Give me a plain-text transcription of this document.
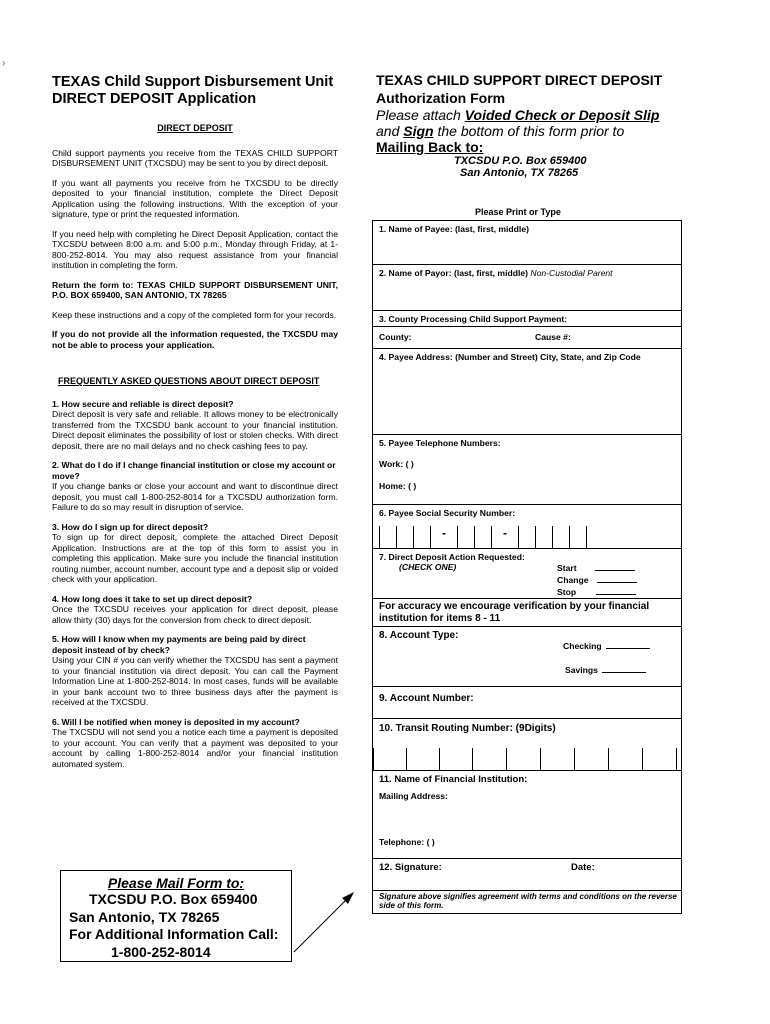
›
TEXAS Child Support Disbursement Unit
DIRECT DEPOSIT Application
DIRECT DEPOSIT

Child support payments you receive from the TEXAS CHILD SUPPORT DISBURSEMENT UNIT (TXCSDU) may be sent to you by direct deposit.

If you want all payments you receive from he TXCSDU to be directly deposited to your financial institution, complete the Direct Deposit Application using the following instructions. With the exception of your signature, type or print the requested information.

If you need help with completing he Direct Deposit Application, contact the TXCSDU between 8:00 a.m. and 5:00 p.m., Monday through Friday, at 1-800-252-8014. You may also request assistance from your financial institution in completing the form.

Return the form to: TEXAS CHILD SUPPORT DISBURSEMENT UNIT, P.O. BOX 659400, SAN ANTONIO, TX 78265

Keep these instructions and a copy of the completed form for your records.

If you do not provide all the information requested, the TXCSDU may not be able to process your application.

FREQUENTLY ASKED QUESTIONS ABOUT DIRECT DEPOSIT
1. How secure and reliable is direct deposit?

Direct deposit is very safe and reliable. It allows money to be electronically transferred from the TXCSDU bank account to your financial institution. Direct deposit eliminates the possibility of lost or stolen checks. With direct deposit, there are no mail delays and no check cashing fees to pay.

2. What do I do if I change financial institution or close my account or move?

If you change banks or close your account and want to discontinue direct deposit, you must call 1-800-252-8014 for a TXCSDU authorization form. Failure to do so may result in disruption of service.

3. How do I sign up for direct deposit?

To sign up for direct deposit, complete the attached Direct Deposit Application. Instructions are at the top of this form to assist you in completing this application. Make sure you include the financial institution routing number, account number, account type and a deposit slip or voided check with your application.

4. How long does it take to set up direct deposit?

Once the TXCSDU receives your application for direct deposit, please allow thirty (30) days for the conversion from check to direct deposit.

5. How will I know when my payments are being paid by direct deposit instead of by check?

Using your CIN # you can verify whether the TXCSDU has sent a payment to your financial institution via direct deposit. You can call the Payment Information Line at 1-800-252-8014. In most cases, funds will be available in your bank account two to three business days after the payment is received at the TXCSDU.

6. Will I be notified when money is deposited in my account?

The TXCSDU will not send you a notice each time a payment is deposited to your account. You can verify that a payment was deposited to your account by calling 1-800-252-8014 and/or your financial institution automated system.

Please Mail Form to:
TXCSDU P.O. Box 659400
San Antonio, TX 78265
For Additional Information Call:
1-800-252-8014
TEXAS CHILD SUPPORT DIRECT DEPOSIT
Authorization Form
Please attach Voided Check or Deposit Slip
and Sign the bottom of this form prior to
Mailing Back to:
TXCSDU P.O. Box 659400
San Antonio, TX 78265
Please Print or Type
1. Name of Payee: (last, first, middle)
2. Name of Payor: (last, first, middle) Non-Custodial Parent
3. County Processing Child Support Payment:
County:	Cause #:
4. Payee Address: (Number and Street) City, State, and Zip Code
5. Payee Telephone Numbers:
Work: ( )
Home: ( )
6. Payee Social Security Number:
-	-
7. Direct Deposit Action Requested:
(CHECK ONE)	Start
Change
Stop
For accuracy we encourage verification by your financial institution for items 8 - 11
8. Account Type:
Checking
Savings
9. Account Number:
10. Transit Routing Number: (9Digits)
11. Name of Financial Institution:
Mailing Address:
Telephone: ( )
12. Signature:	Date:
Signature above signifies agreement with terms and conditions on the reverse side of this form.
